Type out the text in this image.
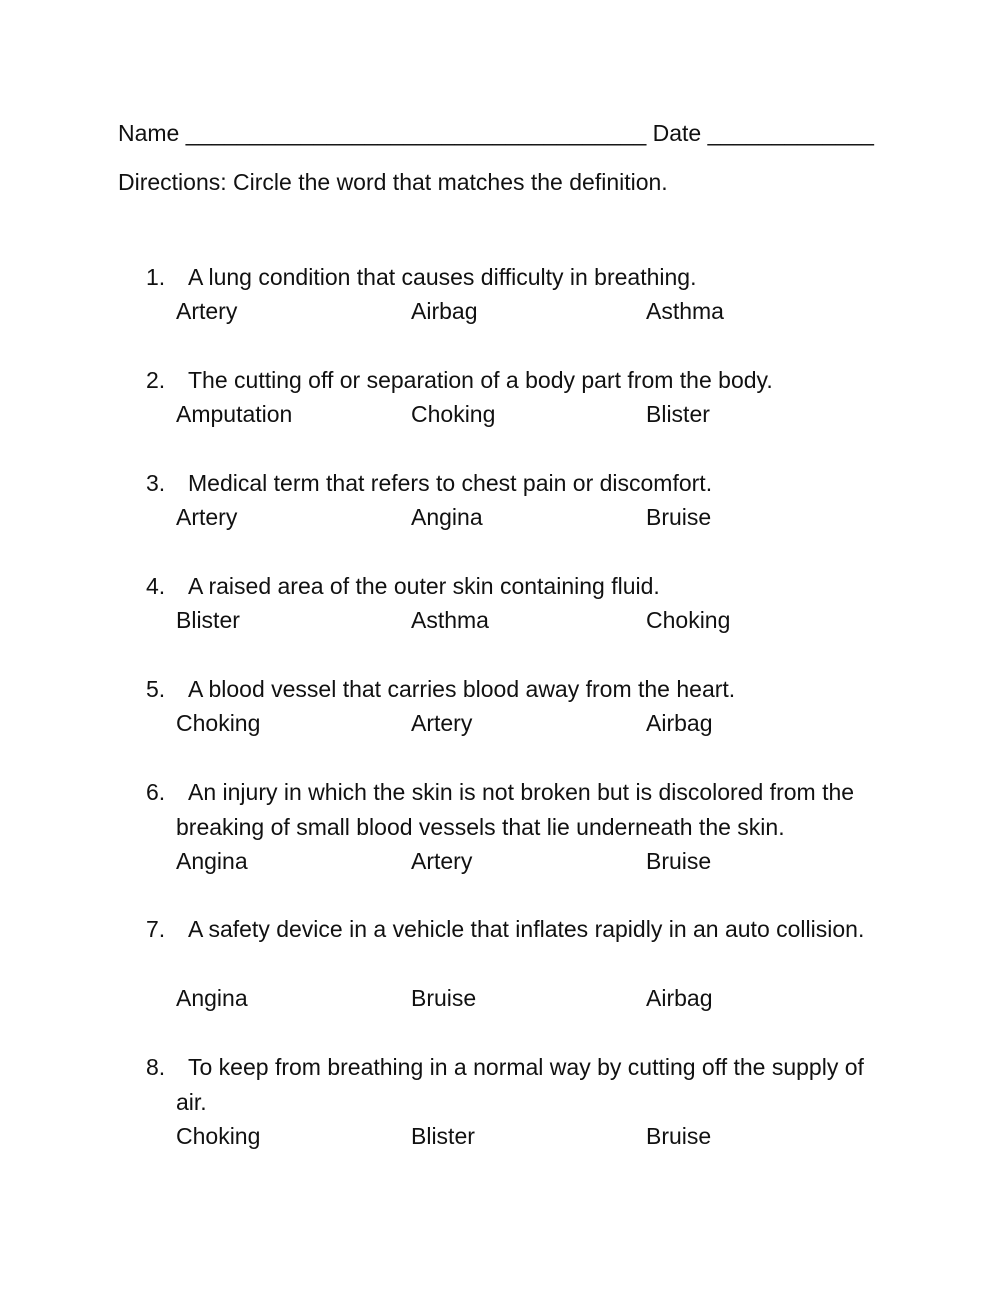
Name ____________________________________ Date _____________
Directions: Circle the word that matches the definition.
1. A lung condition that causes difficulty in breathing.
Artery	Airbag	Asthma
2. The cutting off or separation of a body part from the body.
Amputation	Choking	Blister
3. Medical term that refers to chest pain or discomfort.
Artery	Angina	Bruise
4. A raised area of the outer skin containing fluid.
Blister	Asthma	Choking
5. A blood vessel that carries blood away from the heart.
Choking	Artery	Airbag
6. An injury in which the skin is not broken but is discolored from the breaking of small blood vessels that lie underneath the skin.
Angina	Artery	Bruise
7. A safety device in a vehicle that inflates rapidly in an auto collision.
Angina	Bruise	Airbag
8. To keep from breathing in a normal way by cutting off the supply of air.
Choking	Blister	Bruise
